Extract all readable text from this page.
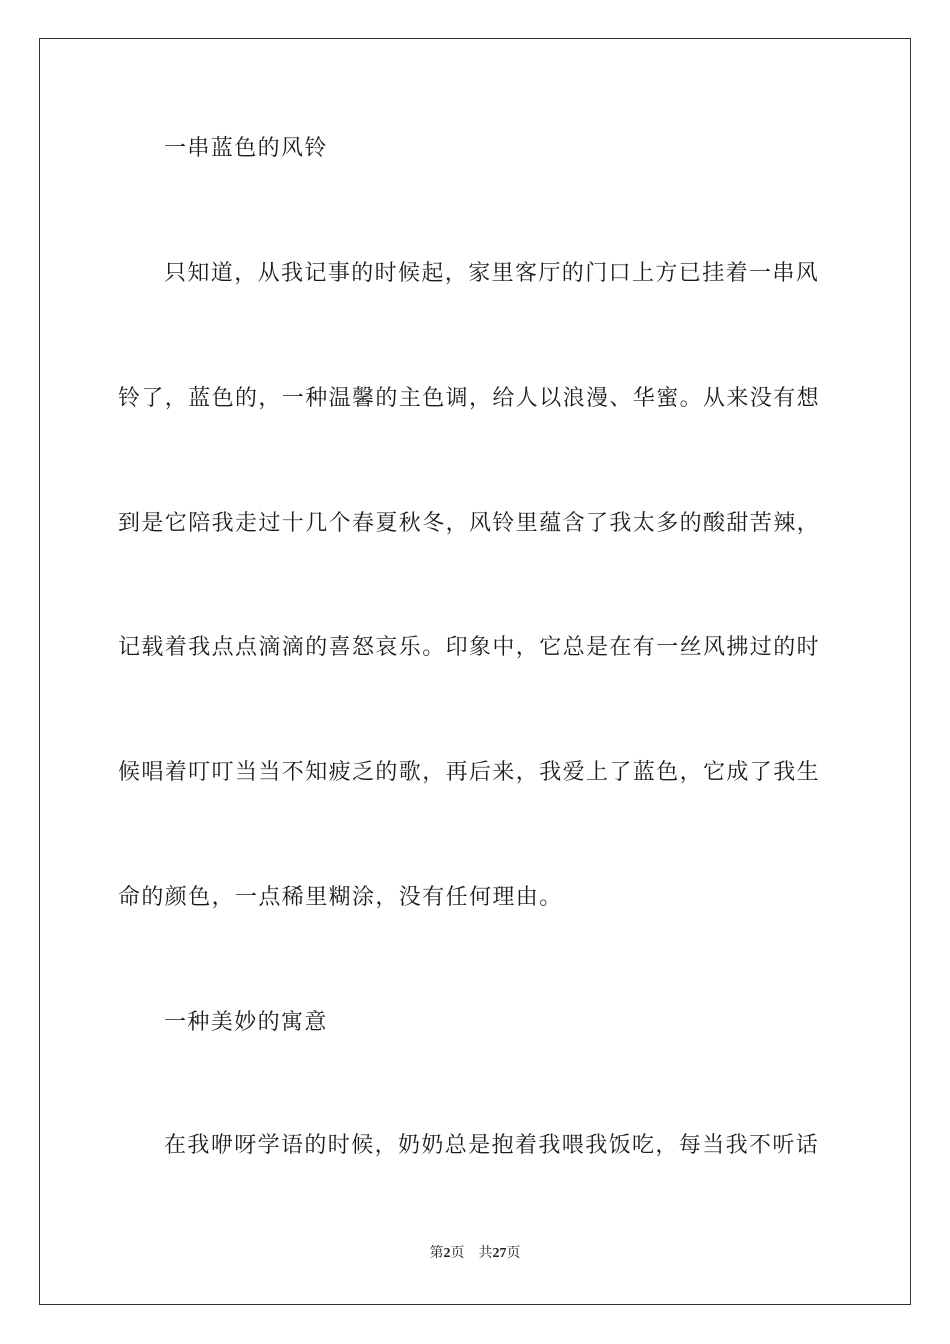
一串蓝色的风铃
只知道，从我记事的时候起，家里客厅的门口上方已挂着一串风
铃了，蓝色的，一种温馨的主色调，给人以浪漫、华蜜。从来没有想
到是它陪我走过十几个春夏秋冬，风铃里蕴含了我太多的酸甜苦辣，
记载着我点点滴滴的喜怒哀乐。印象中，它总是在有一丝风拂过的时
候唱着叮叮当当不知疲乏的歌，再后来，我爱上了蓝色，它成了我生
命的颜色，一点稀里糊涂，没有任何理由。
一种美妙的寓意
在我咿呀学语的时候，奶奶总是抱着我喂我饭吃，每当我不听话
第2页 共27页
